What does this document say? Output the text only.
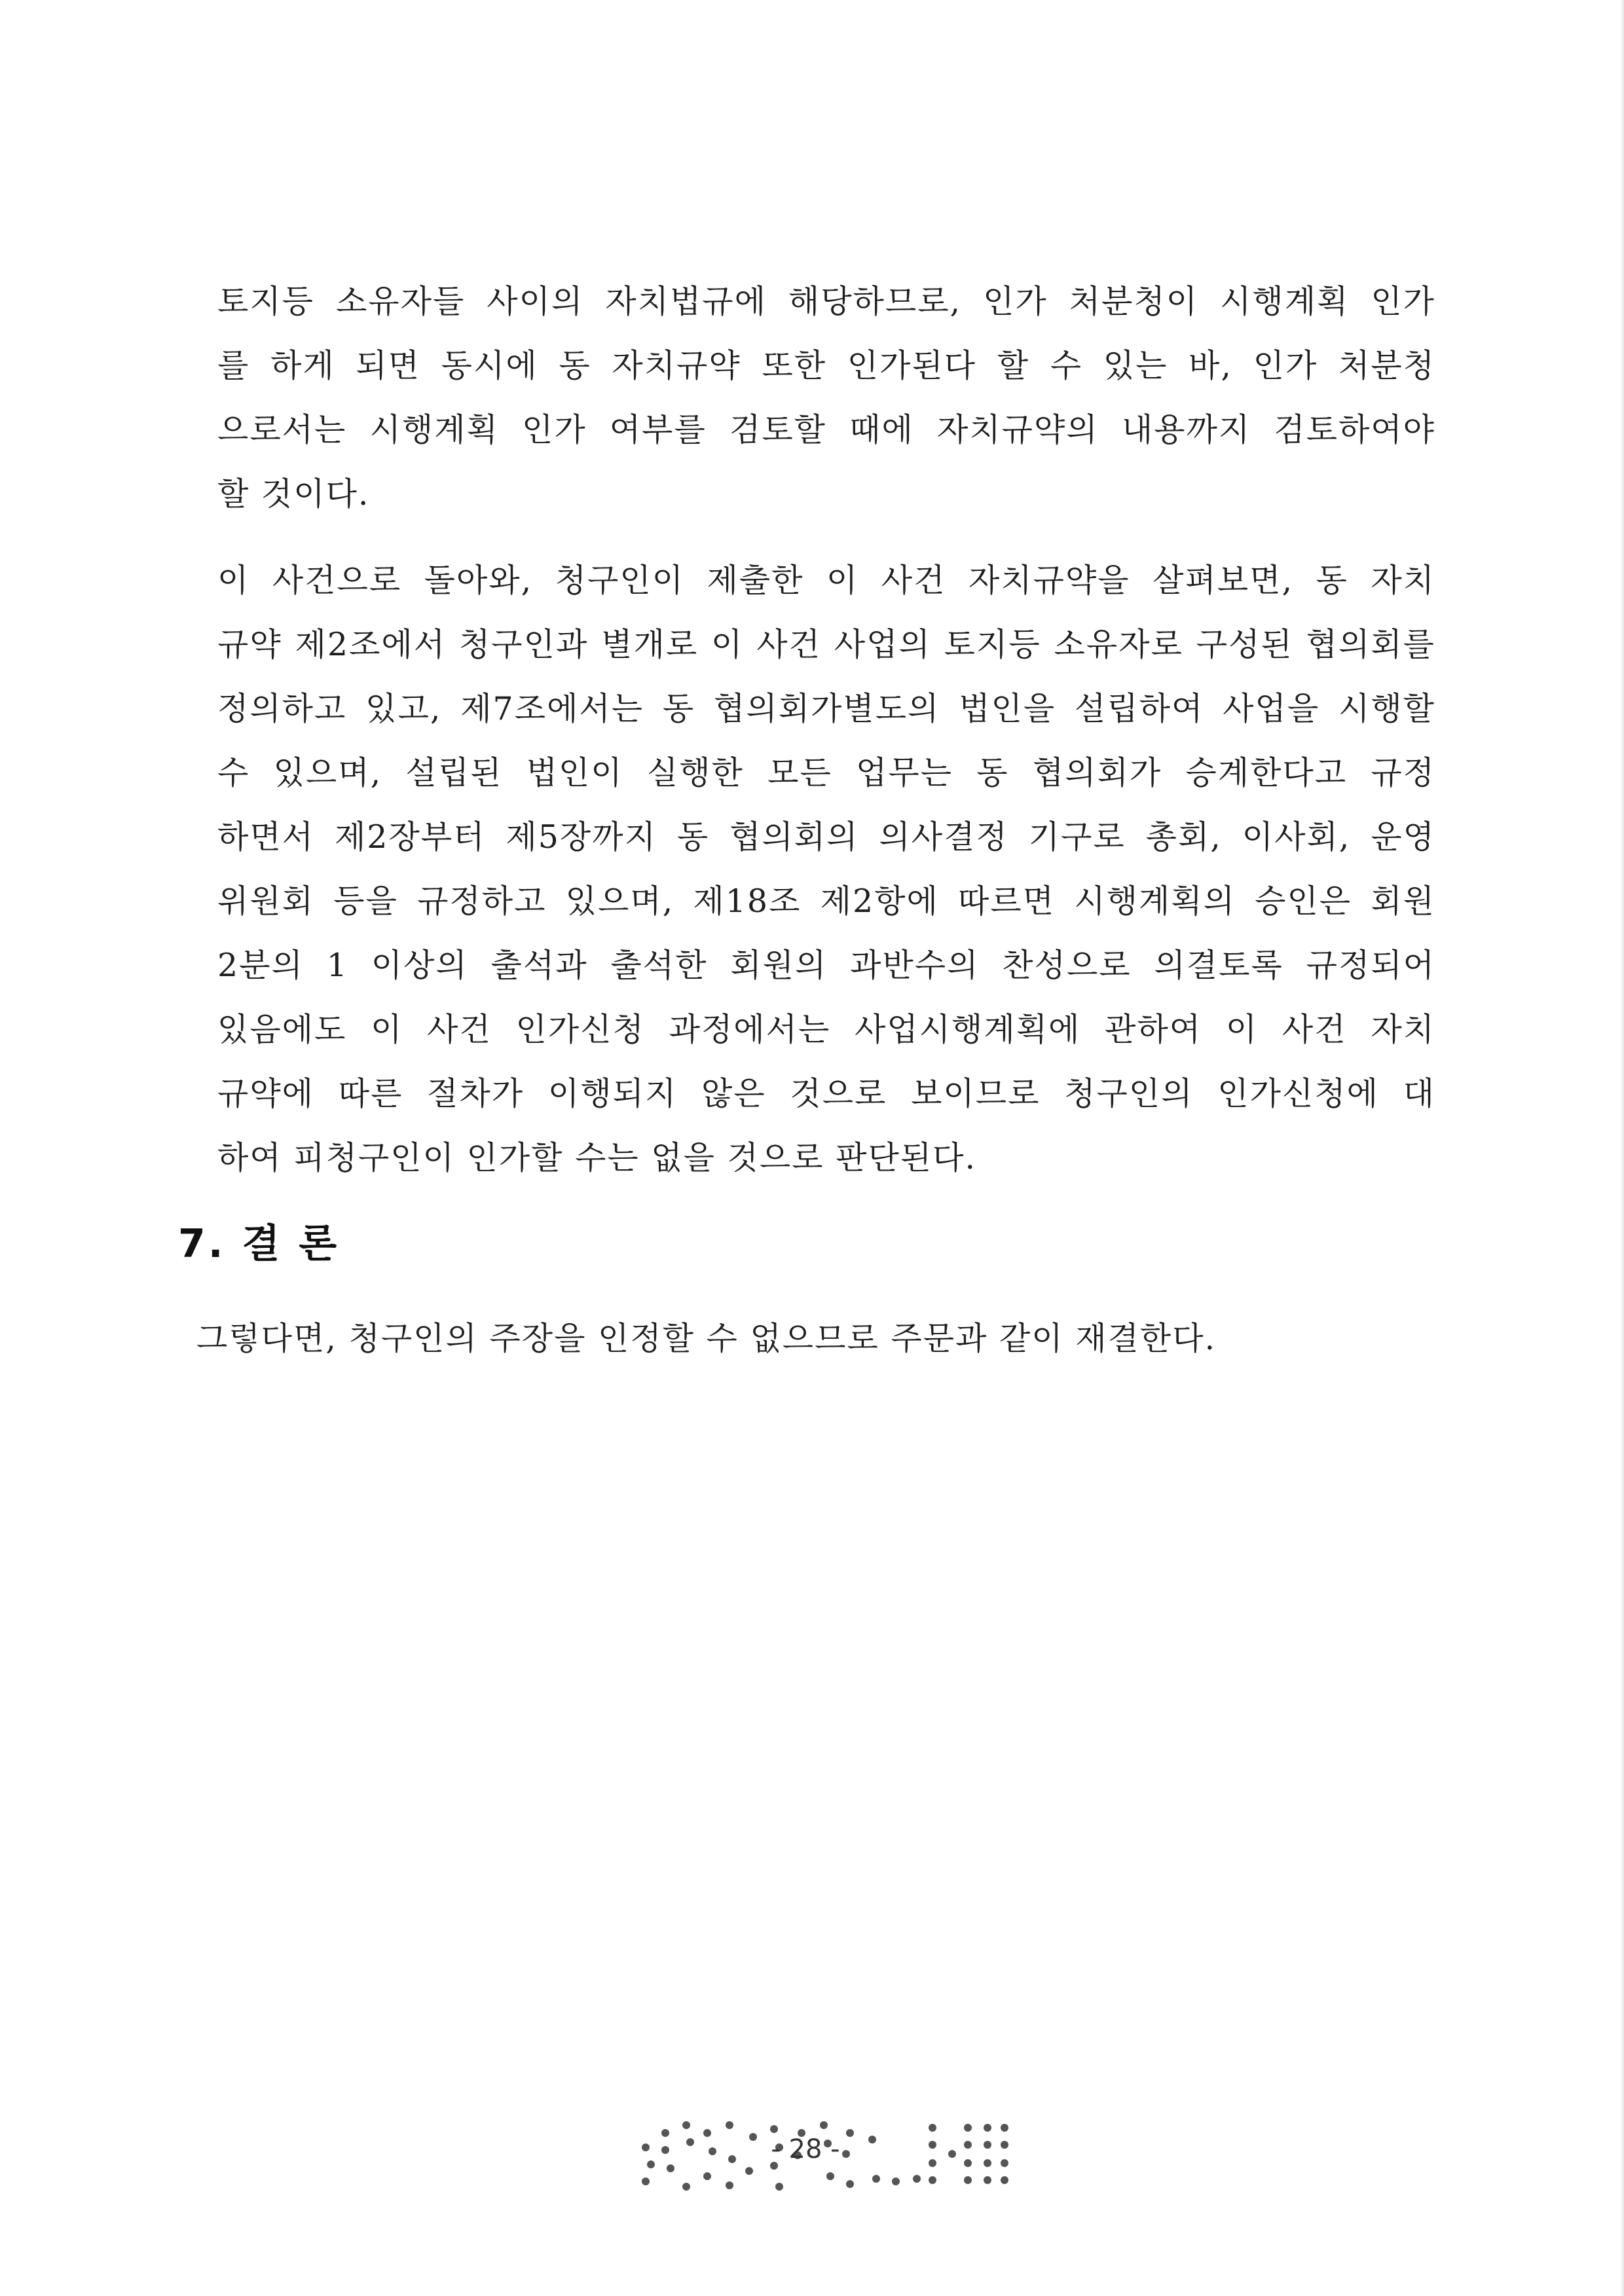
토지등 소유자들 사이의 자치법규에 해당하므로, 인가 처분청이 시행계획 인가
를 하게 되면 동시에 동 자치규약 또한 인가된다 할 수 있는 바, 인가 처분청
으로서는 시행계획 인가 여부를 검토할 때에 자치규약의 내용까지 검토하여야
할 것이다.
이 사건으로 돌아와, 청구인이 제출한 이 사건 자치규약을 살펴보면, 동 자치
규약 제2조에서 청구인과 별개로 이 사건 사업의 토지등 소유자로 구성된 협의회를
정의하고 있고, 제7조에서는 동 협의회가별도의 법인을 설립하여 사업을 시행할
수 있으며, 설립된 법인이 실행한 모든 업무는 동 협의회가 승계한다고 규정
하면서 제2장부터 제5장까지 동 협의회의 의사결정 기구로 총회, 이사회, 운영
위원회 등을 규정하고 있으며, 제18조 제2항에 따르면 시행계획의 승인은 회원
2분의 1 이상의 출석과 출석한 회원의 과반수의 찬성으로 의결토록 규정되어
있음에도 이 사건 인가신청 과정에서는 사업시행계획에 관하여 이 사건 자치
규약에 따른 절차가 이행되지 않은 것으로 보이므로 청구인의 인가신청에 대
하여 피청구인이 인가할 수는 없을 것으로 판단된다.
7. 결 론
그렇다면, 청구인의 주장을 인정할 수 없으므로 주문과 같이 재결한다.
- 28 -
